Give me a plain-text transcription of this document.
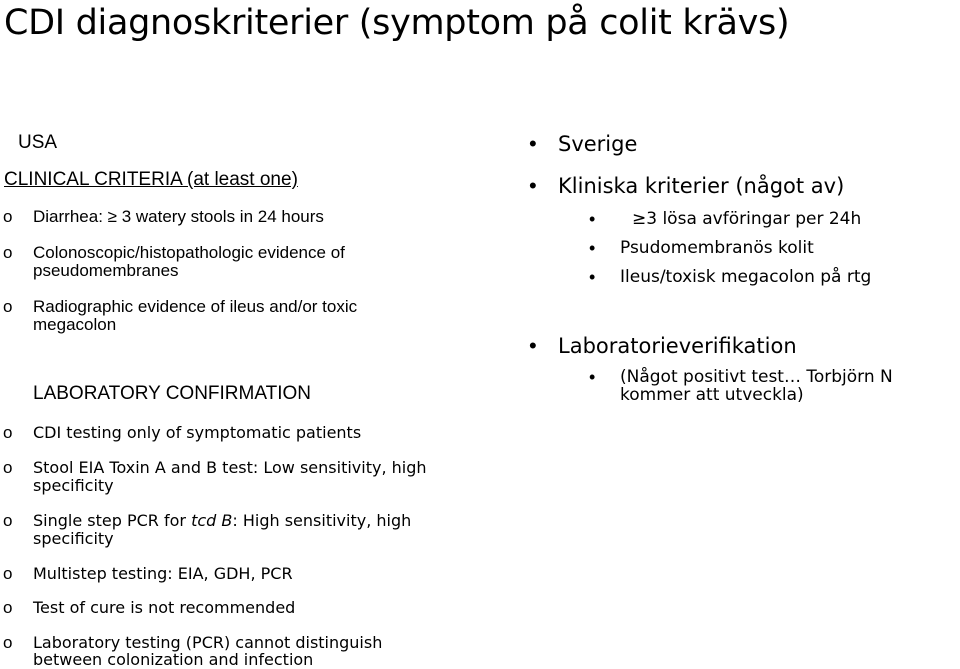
CDI diagnoskriterier (symptom på colit krävs)
USA
CLINICAL CRITERIA (at least one)
o Diarrhea: ≥ 3 watery stools in 24 hours
o Colonoscopic/histopathologic evidence of
pseudomembranes
o Radiographic evidence of ileus and/or toxic
megacolon
LABORATORY CONFIRMATION
o CDI testing only of symptomatic patients
o Stool EIA Toxin A and B test: Low sensitivity, high
specificity
o Single step PCR for tcd B: High sensitivity, high
specificity
o Multistep testing: EIA, GDH, PCR
o Test of cure is not recommended
o Laboratory testing (PCR) cannot distinguish
between colonization and infection
• Sverige
• Kliniska kriterier (något av)
• ≥3 lösa avföringar per 24h
• Psudomembranös kolit
• Ileus/toxisk megacolon på rtg
• Laboratorieverifikation
• (Något positivt test… Torbjörn N
kommer att utveckla)
